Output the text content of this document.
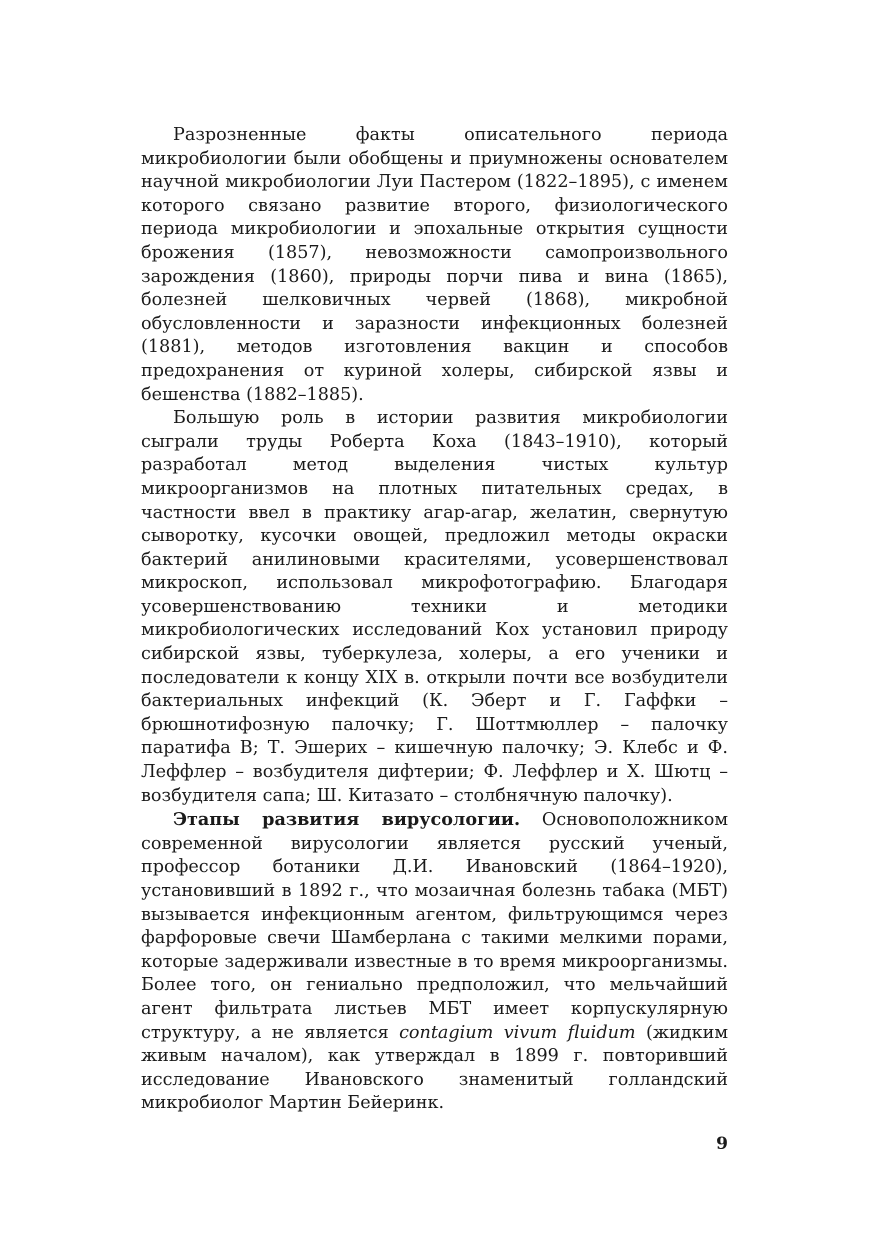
Разрозненные факты описательного периода микробиологии были обобщены и приумножены основателем научной микробиологии Луи Пастером (1822–1895), с именем которого связано развитие второго, физиологического периода микробиологии и эпохальные открытия сущности брожения (1857), невозможности самопроизвольного зарождения (1860), природы порчи пива и вина (1865), болезней шелковичных червей (1868), микробной обусловленности и заразности инфекционных болезней (1881), методов изготовления вакцин и способов предохранения от куриной холеры, сибирской язвы и бешенства (1882–1885).

Большую роль в истории развития микробиологии сыграли труды Роберта Коха (1843–1910), который разработал метод выделения чистых культур микроорганизмов на плотных питательных средах, в частности ввел в практику агар-агар, желатин, свернутую сыворотку, кусочки овощей, предложил методы окраски бактерий анилиновыми красителями, усовершенствовал микроскоп, использовал микрофотографию. Благодаря усовершенствованию техники и методики микробиологических исследований Кох установил природу сибирской язвы, туберкулеза, холеры, а его ученики и последователи к концу XIX в. открыли почти все возбудители бактериальных инфекций (К. Эберт и Г. Гаффки – брюшнотифозную палочку; Г. Шоттмюллер – палочку паратифа В; Т. Эшерих – кишечную палочку; Э. Клебс и Ф. Леффлер – возбудителя дифтерии; Ф. Леффлер и Х. Шютц – возбудителя сапа; Ш. Китазато – столбнячную палочку).

Этапы развития вирусологии. Основоположником современной вирусологии является русский ученый, профессор ботаники Д.И. Ивановский (1864–1920), установивший в 1892 г., что мозаичная болезнь табака (МБТ) вызывается инфекционным агентом, фильтрующимся через фарфоровые свечи Шамберлана с такими мелкими порами, которые задерживали известные в то время микроорганизмы. Более того, он гениально предположил, что мельчайший агент фильтрата листьев МБТ имеет корпускулярную структуру, а не является contagium vivum fluidum (жидким живым началом), как утверждал в 1899 г. повторивший исследование Ивановского знаменитый голландский микробиолог Мартин Бейеринк.

9
